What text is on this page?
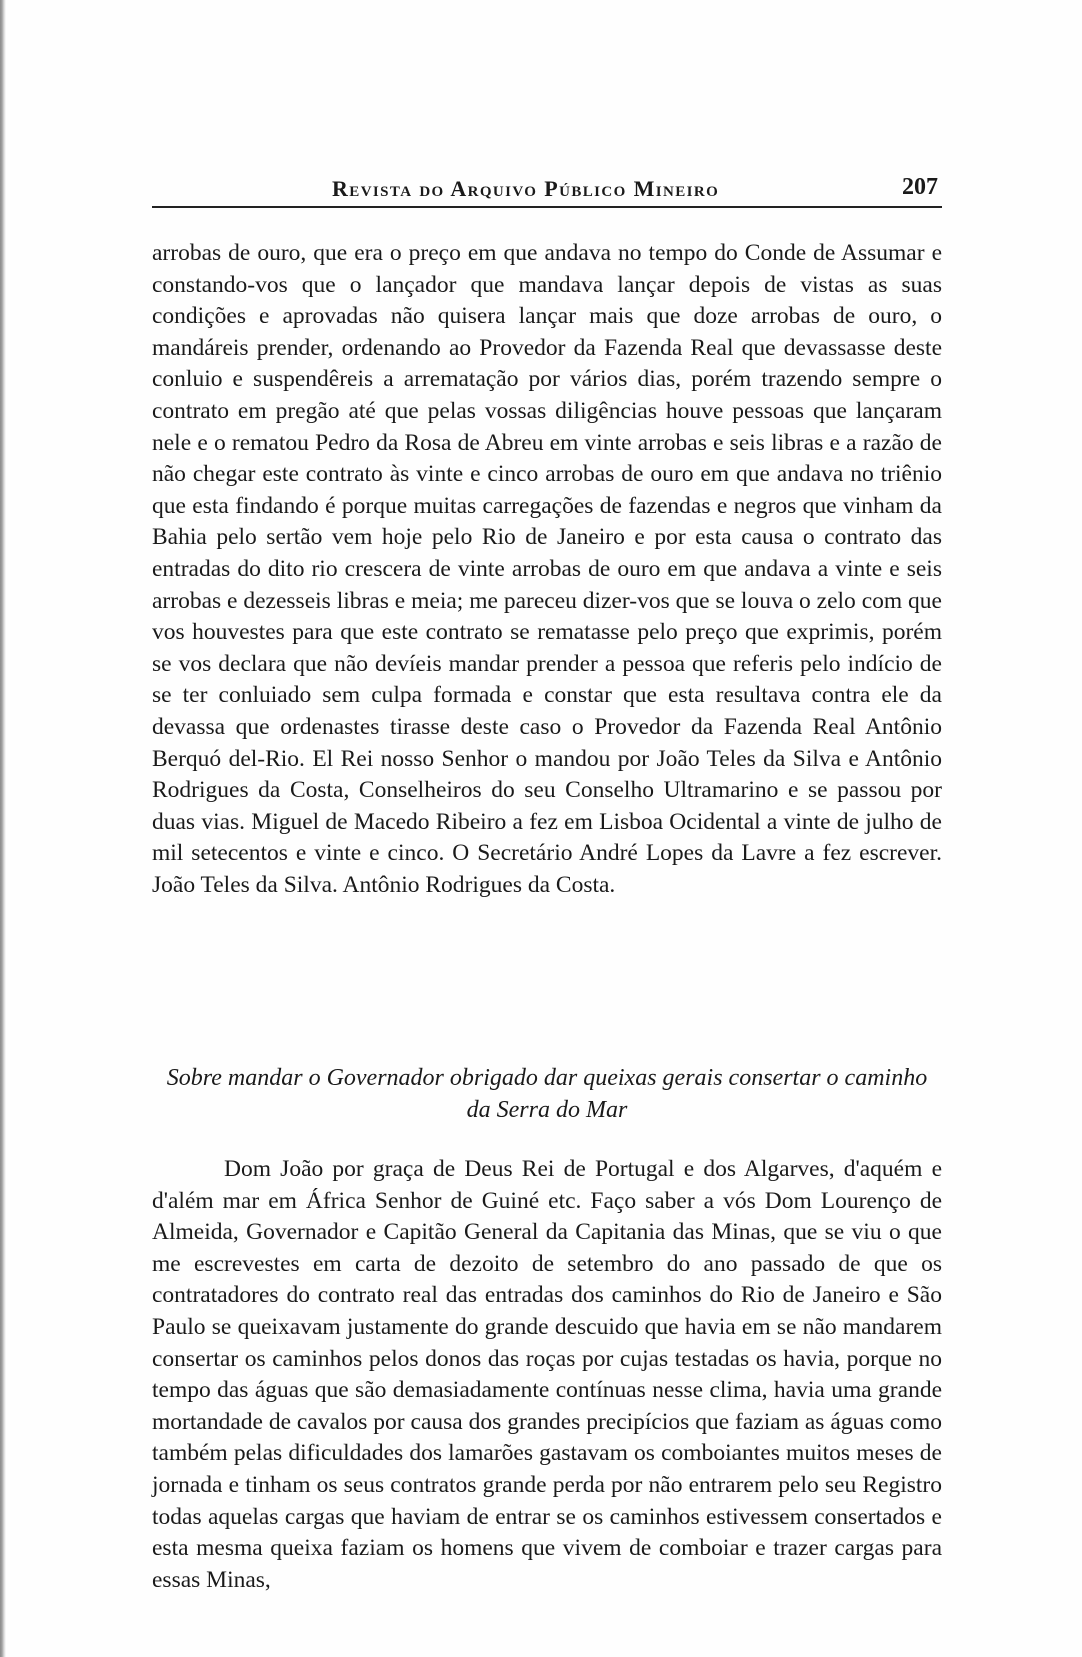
Revista do Arquivo Público Mineiro	207
arrobas de ouro, que era o preço em que andava no tempo do Conde de Assumar e constando-vos que o lançador que mandava lançar depois de vistas as suas condições e aprovadas não quisera lançar mais que doze arrobas de ouro, o mandáreis prender, ordenando ao Provedor da Fazenda Real que devassasse deste conluio e suspendêreis a arrematação por vários dias, porém trazendo sempre o contrato em pregão até que pelas vossas diligências houve pessoas que lançaram nele e o rematou Pedro da Rosa de Abreu em vinte arrobas e seis libras e a razão de não chegar este contrato às vinte e cinco arrobas de ouro em que andava no triênio que esta findando é porque muitas carregações de fazendas e negros que vinham da Bahia pelo sertão vem hoje pelo Rio de Janeiro e por esta causa o contrato das entradas do dito rio crescera de vinte arrobas de ouro em que andava a vinte e seis arrobas e dezesseis libras e meia; me pareceu dizer-vos que se louva o zelo com que vos houvestes para que este contrato se rematasse pelo preço que exprimis, porém se vos declara que não devíeis mandar prender a pessoa que referis pelo indício de se ter conluiado sem culpa formada e constar que esta resultava contra ele da devassa que ordenastes tirasse deste caso o Provedor da Fazenda Real Antônio Berquó del-Rio. El Rei nosso Senhor o mandou por João Teles da Silva e Antônio Rodrigues da Costa, Conselheiros do seu Conselho Ultramarino e se passou por duas vias. Miguel de Macedo Ribeiro a fez em Lisboa Ocidental a vinte de julho de mil setecentos e vinte e cinco. O Secretário André Lopes da Lavre a fez escrever. João Teles da Silva. Antônio Rodrigues da Costa.
Sobre mandar o Governador obrigado dar queixas gerais consertar o caminho da Serra do Mar
Dom João por graça de Deus Rei de Portugal e dos Algarves, d'aquém e d'além mar em África Senhor de Guiné etc. Faço saber a vós Dom Lourenço de Almeida, Governador e Capitão General da Capitania das Minas, que se viu o que me escrevestes em carta de dezoito de setembro do ano passado de que os contratadores do contrato real das entradas dos caminhos do Rio de Janeiro e São Paulo se queixavam justamente do grande descuido que havia em se não mandarem consertar os caminhos pelos donos das roças por cujas testadas os havia, porque no tempo das águas que são demasiadamente contínuas nesse clima, havia uma grande mortandade de cavalos por causa dos grandes precipícios que faziam as águas como também pelas dificuldades dos lamarões gastavam os comboiantes muitos meses de jornada e tinham os seus contratos grande perda por não entrarem pelo seu Registro todas aquelas cargas que haviam de entrar se os caminhos estivessem consertados e esta mesma queixa faziam os homens que vivem de comboiar e trazer cargas para essas Minas,
